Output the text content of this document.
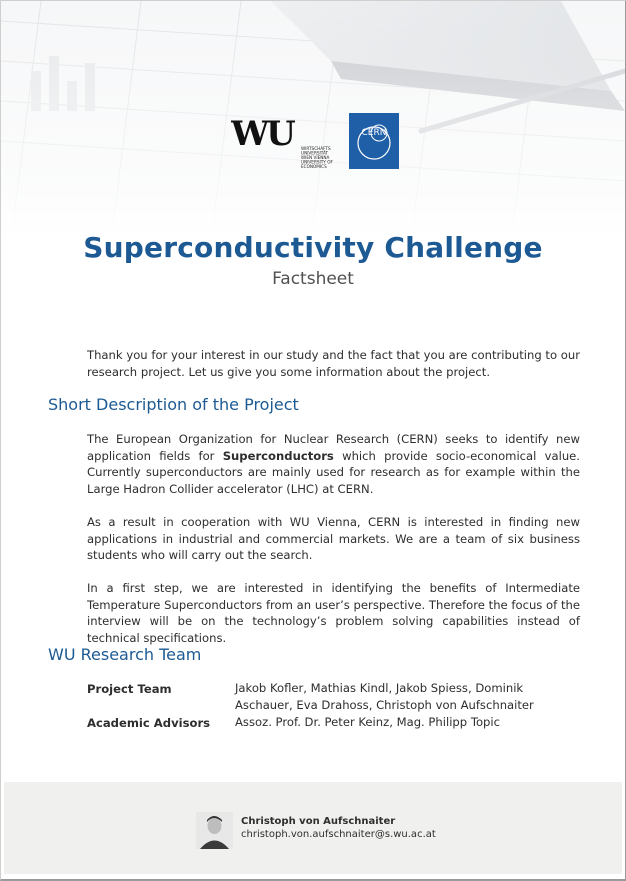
WU	WIRTSCHAFTS
UNIVERSITÄT
WIEN VIENNA
UNIVERSITY OF
ECONOMICS
CERN
Superconductivity Challenge
Factsheet
Thank you for your interest in our study and the fact that you are contributing to our research project. Let us give you some information about the project.
Short Description of the Project
The European Organization for Nuclear Research (CERN) seeks to identify new application fields for Superconductors which provide socio-economical value. Currently superconductors are mainly used for research as for example within the Large Hadron Collider accelerator (LHC) at CERN.
As a result in cooperation with WU Vienna, CERN is interested in finding new applications in industrial and commercial markets. We are a team of six business students who will carry out the search.
In a first step, we are interested in identifying the benefits of Intermediate Temperature Superconductors from an user’s perspective. Therefore the focus of the interview will be on the technology’s problem solving capabilities instead of technical specifications.
WU Research Team
Project Team	Jakob Kofler, Mathias Kindl, Jakob Spiess, Dominik Aschauer, Eva Drahoss, Christoph von Aufschnaiter
Academic Advisors Assoz. Prof. Dr. Peter Keinz, Mag. Philipp Topic
Christoph von Aufschnaiter
christoph.von.aufschnaiter@s.wu.ac.at
